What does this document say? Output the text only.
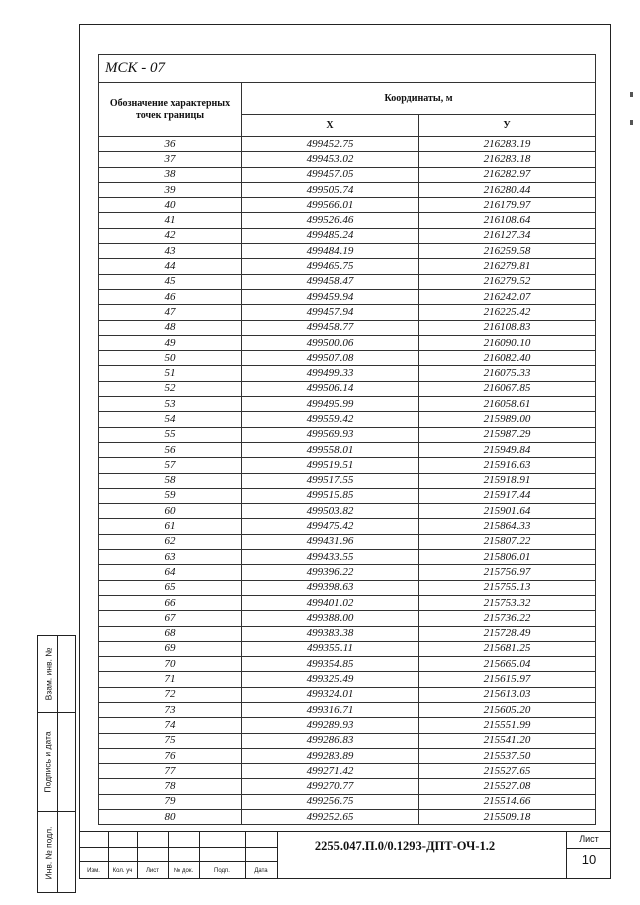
МСК - 07		
Обозначение характерных точек границы	Координаты, м	
	X	У
36	499452.75	216283.19
37	499453.02	216283.18
38	499457.05	216282.97
39	499505.74	216280.44
40	499566.01	216179.97
41	499526.46	216108.64
42	499485.24	216127.34
43	499484.19	216259.58
44	499465.75	216279.81
45	499458.47	216279.52
46	499459.94	216242.07
47	499457.94	216225.42
48	499458.77	216108.83
49	499500.06	216090.10
50	499507.08	216082.40
51	499499.33	216075.33
52	499506.14	216067.85
53	499495.99	216058.61
54	499559.42	215989.00
55	499569.93	215987.29
56	499558.01	215949.84
57	499519.51	215916.63
58	499517.55	215918.91
59	499515.85	215917.44
60	499503.82	215901.64
61	499475.42	215864.33
62	499431.96	215807.22
63	499433.55	215806.01
64	499396.22	215756.97
65	499398.63	215755.13
66	499401.02	215753.32
67	499388.00	215736.22
68	499383.38	215728.49
69	499355.11	215681.25
70	499354.85	215665.04
71	499325.49	215615.97
72	499324.01	215613.03
73	499316.71	215605.20
74	499289.93	215551.99
75	499286.83	215541.20
76	499283.89	215537.50
77	499271.42	215527.65
78	499270.77	215527.08
79	499256.75	215514.66
80	499252.65	215509.18
Взам. инв. №
Подпись и дата
Инв. № подл.	Изм.	Кол. уч	Лист	№ док.	Подп.	Дата
2255.047.П.0/0.1293-ДПТ-ОЧ-1.2	Лист
10
